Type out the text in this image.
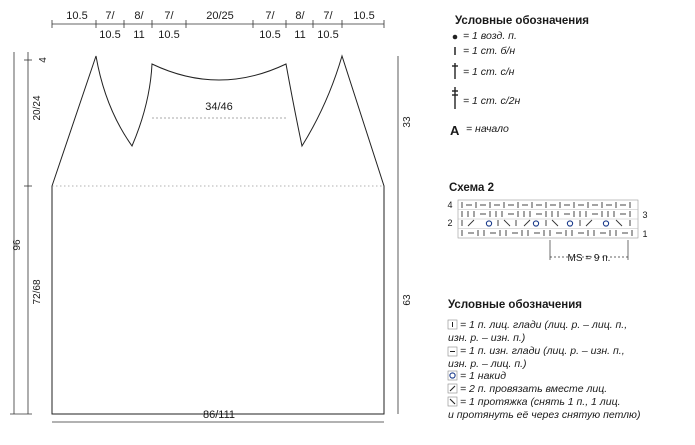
10.5 7/ 8/ 7/	20/25	7/ 8/ 7/ 10.5
10.5 11 10.5	10.5 11 10.5
4
20/24
96
72/68
33
63
34/46
86/111
A
4
2
3
1
MS = 9 п.
Условные обозначения
= 1 возд. п.
= 1 ст. б/н
= 1 ст. с/н
= 1 ст. с/2н
= начало
Схема 2
Условные обозначения
= 1 п. лиц. глади (лиц. р. – лиц. п.,
изн. р. – изн. п.)
= 1 п. изн. глади (лиц. р. – изн. п.,
изн. р. – лиц. п.)
= 1 накид
= 2 п. провязать вместе лиц.
= 1 протяжка (снять 1 п., 1 лиц.
и протянуть её через снятую петлю)
